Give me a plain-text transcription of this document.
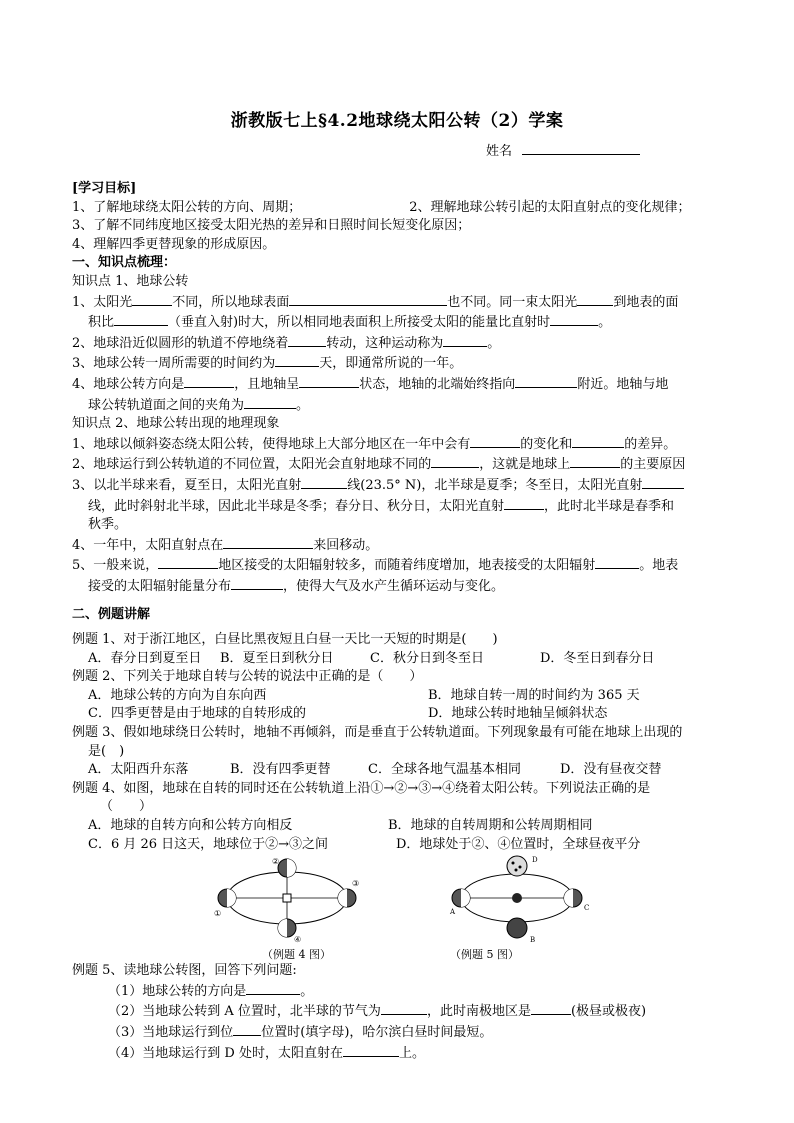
浙教版七上§4.2地球绕太阳公转（2）学案
姓名
[学习目标]
1、了解地球绕太阳公转的方向、周期；	2、理解地球公转引起的太阳直射点的变化规律；
3、了解不同纬度地区接受太阳光热的差异和日照时间长短变化原因；
4、理解四季更替现象的形成原因。
一、知识点梳理：
知识点 1、地球公转
1、太阳光	不同，所以地球表面	也不同。同一束太阳光	到地表的面
积比	（垂直入射)时大，所以相同地表面积上所接受太阳的能量比直射时	。
2、地球沿近似圆形的轨道不停地绕着	转动，这种运动称为	。
3、地球公转一周所需要的时间约为	天，即通常所说的一年。
4、地球公转方向是	，且地轴呈	状态，地轴的北端始终指向	附近。地轴与地
球公转轨道面之间的夹角为	。
知识点 2、地球公转出现的地理现象
1、地球以倾斜姿态绕太阳公转，使得地球上大部分地区在一年中会有	的变化和	的差异。
2、地球运行到公转轨道的不同位置，太阳光会直射地球不同的	，这就是地球上	的主要原因
3、以北半球来看，夏至日，太阳光直射	线(23.5° N)，北半球是夏季；冬至日，太阳光直射
线，此时斜射北半球，因此北半球是冬季；春分日、秋分日，太阳光直射	，此时北半球是春季和
秋季。
4、一年中，太阳直射点在	来回移动。
5、一般来说，	地区接受的太阳辐射较多，而随着纬度增加，地表接受的太阳辐射	。地表
接受的太阳辐射能量分布	，使得大气及水产生循环运动与变化。
二、例题讲解
例题 1、对于浙江地区，白昼比黑夜短且白昼一天比一天短的时期是(　　)
A．春分日到夏至日 B．夏至日到秋分日	C．秋分日到冬至日	D．冬至日到春分日
例题 2、下列关于地球自转与公转的说法中正确的是（　　）
A．地球公转的方向为自东向西	B．地球自转一周的时间约为 365 天
C．四季更替是由于地球的自转形成的	D．地球公转时地轴呈倾斜状态
例题 3、假如地球绕日公转时，地轴不再倾斜，而是垂直于公转轨道面。下列现象最有可能在地球上出现的
是(　)
A．太阳西升东落	B．没有四季更替	C．全球各地气温基本相同	D．没有昼夜交替
例题 4、如图，地球在自转的同时还在公转轨道上沿①→②→③→④绕着太阳公转。下列说法正确的是
（　　）
A．地球的自转方向和公转方向相反	B．地球的自转周期和公转周期相同
C．6 月 26 日这天，地球位于②→③之间	D．地球处于②、④位置时，全球昼夜平分
②
③
④
①
（例题 4 图）
A
D
C
B
（例题 5 图）
例题 5、读地球公转图，回答下列问题:
（1）地球公转的方向是	。
（2）当地球公转到 A 位置时，北半球的节气为	，此时南极地区是	(极昼或极夜)
（3）当地球运行到位 位置时(填字母)，哈尔滨白昼时间最短。
（4）当地球运行到 D 处时，太阳直射在	上。
